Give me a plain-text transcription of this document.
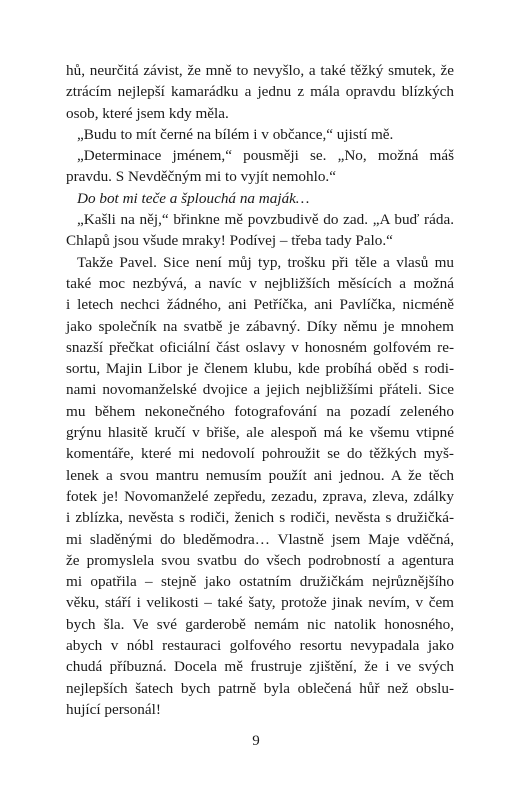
hů, neurčitá závist, že mně to nevyšlo, a také těžký smutek, že
ztrácím nejlepší kamarádku a jednu z mála opravdu blízkých
osob, které jsem kdy měla.
„Budu to mít černé na bílém i v občance,“ ujistí mě.
„Determinace jménem,“ pousměji se. „No, možná máš
pravdu. S Nevděčným mi to vyjít nemohlo.“
Do bot mi teče a šplouchá na maják…
„Kašli na něj,“ břinkne mě povzbudivě do zad. „A buď ráda.
Chlapů jsou všude mraky! Podívej – třeba tady Palo.“
Takže Pavel. Sice není můj typ, trošku při těle a vlasů mu
také moc nezbývá, a navíc v nejbližších měsících a možná
i letech nechci žádného, ani Petříčka, ani Pavlíčka, nicméně
jako společník na svatbě je zábavný. Díky němu je mnohem
snazší přečkat oficiální část oslavy v honosném golfovém re-
sortu, Majin Libor je členem klubu, kde probíhá oběd s rodi-
nami novomanželské dvojice a jejich nejbližšími přáteli. Sice
mu během nekonečného fotografování na pozadí zeleného
grýnu hlasitě kručí v břiše, ale alespoň má ke všemu vtipné
komentáře, které mi nedovolí pohroužit se do těžkých myš-
lenek a svou mantru nemusím použít ani jednou. A že těch
fotek je! Novomanželé zepředu, zezadu, zprava, zleva, zdálky
i zblízka, nevěsta s rodiči, ženich s rodiči, nevěsta s družičká-
mi sladěnými do bleděmodra… Vlastně jsem Maje vděčná,
že promyslela svou svatbu do všech podrobností a agentura
mi opatřila – stejně jako ostatním družičkám nejrůznějšího
věku, stáří i velikosti – také šaty, protože jinak nevím, v čem
bych šla. Ve své garderobě nemám nic natolik honosného,
abych v nóbl restauraci golfového resortu nevypadala jako
chudá příbuzná. Docela mě frustruje zjištění, že i ve svých
nejlepších šatech bych patrně byla oblečená hůř než obslu-
hující personál!
9
